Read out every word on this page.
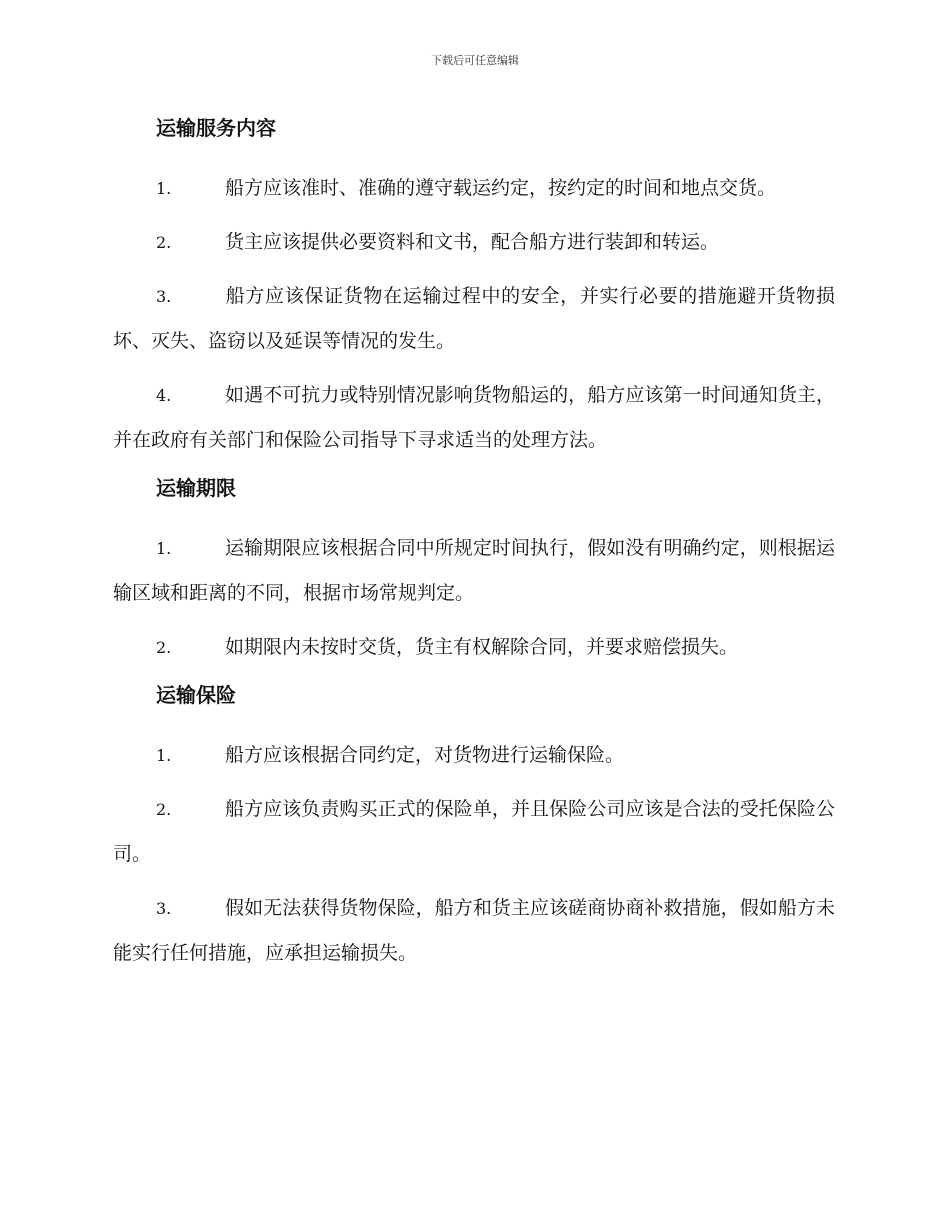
下载后可任意编辑
运输服务内容

1.	船方应该准时、准确的遵守载运约定，按约定的时间和地点交货。

2.	货主应该提供必要资料和文书，配合船方进行装卸和转运。

3.	船方应该保证货物在运输过程中的安全，并实行必要的措施避开货物损坏、灭失、盗窃以及延误等情况的发生。

4.	如遇不可抗力或特别情况影响货物船运的，船方应该第一时间通知货主，并在政府有关部门和保险公司指导下寻求适当的处理方法。

运输期限

1.	运输期限应该根据合同中所规定时间执行，假如没有明确约定，则根据运输区域和距离的不同，根据市场常规判定。

2.	如期限内未按时交货，货主有权解除合同，并要求赔偿损失。

运输保险

1.	船方应该根据合同约定，对货物进行运输保险。

2.	船方应该负责购买正式的保险单，并且保险公司应该是合法的受托保险公司。

3.	假如无法获得货物保险，船方和货主应该磋商协商补救措施，假如船方未能实行任何措施，应承担运输损失。
